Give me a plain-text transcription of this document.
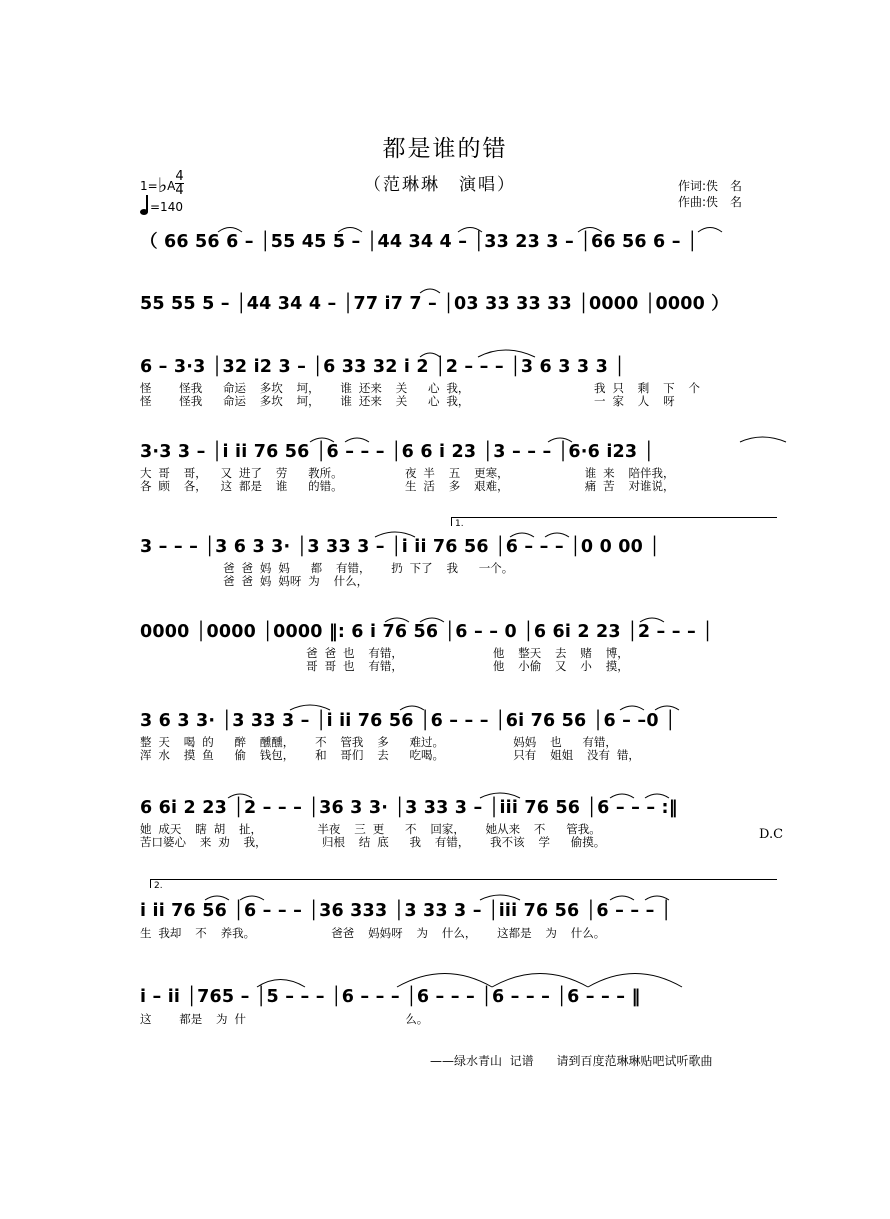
都是谁的错
（范琳琳　演唱）
1=♭A
4
4
=140
作词:佚　名
作曲:佚　名
（ 66 56 6 – │55 45 5 – │44 34 4 – │33 23 3 – │66 56 6 – │
55 55 5 – │44 34 4 – │77 i7 7 – │03 33 33 33 │0000 │0000 ）
6 – 3·3 │32 i2 3 – │6 33 32 i 2 │2 – – – │3 6 3 3 3 │
怪    怪我   命运  多坎  坷，   谁 还来  关   心 我，                  我 只  剩  下  个
怪    怪我   命运  多坎  坷，   谁 还来  关   心 我，                  一 家  人  呀
3·3 3 – │i ii 76 56 │6 – – – │6 6 i 23 │3 – – – │6·6 i23 │
大 哥  哥，  又 进了  劳   教所。         夜 半  五  更寒，           谁 来  陪伴我，
各 顾  各，  这 都是  谁   的错。         生 活  多  艰难，           痛 苦  对谁说，
3 – – – │3 6 3 3· │3 33 3 – │i ii 76 56 │6 – – – │0 0 00 │
爸 爸 妈 妈   都  有错，   扔 下了  我   一个。
爸 爸 妈 妈呀 为  什么，
0000 │0000 │0000 ‖: 6 i 76 56 │6 – – 0 │6 6i 2 23 │2 – – – │
爸 爸 也  有错，             他  整天  去  赌  博，
哥 哥 也  有错，             他  小偷  又  小  摸，
3 6 3 3· │3 33 3 – │i ii 76 56 │6 – – – │6i 76 56 │6 – –0 │
整 天  喝 的   醉  醺醺，   不  管我  多   难过。          妈妈  也   有错，
浑 水  摸 鱼   偷  钱包，   和  哥们  去   吃喝。          只有  姐姐  没有 错，
6 6i 2 23 │2 – – – │36 3 3· │3 33 3 – │iii 76 56 │6 – – – :‖
她 成天  瞎 胡  扯，        半夜  三 更   不  回家，   她从来  不   管我。
苦口婆心  来 劝  我，        归根  结 底   我  有错，   我不该  学   偷摸。
i ii 76 56 │6 – – – │36 333 │3 33 3 – │iii 76 56 │6 – – – │
生 我却  不  养我。           爸爸  妈妈呀  为  什么，   这都是  为  什么。
i – ii │765 – │5 – – – │6 – – – │6 – – – │6 – – – │6 – – – ‖
这    都是  为 什                       么。
1.
2.
D.C
——绿水青山  记谱      请到百度范琳琳贴吧试听歌曲
